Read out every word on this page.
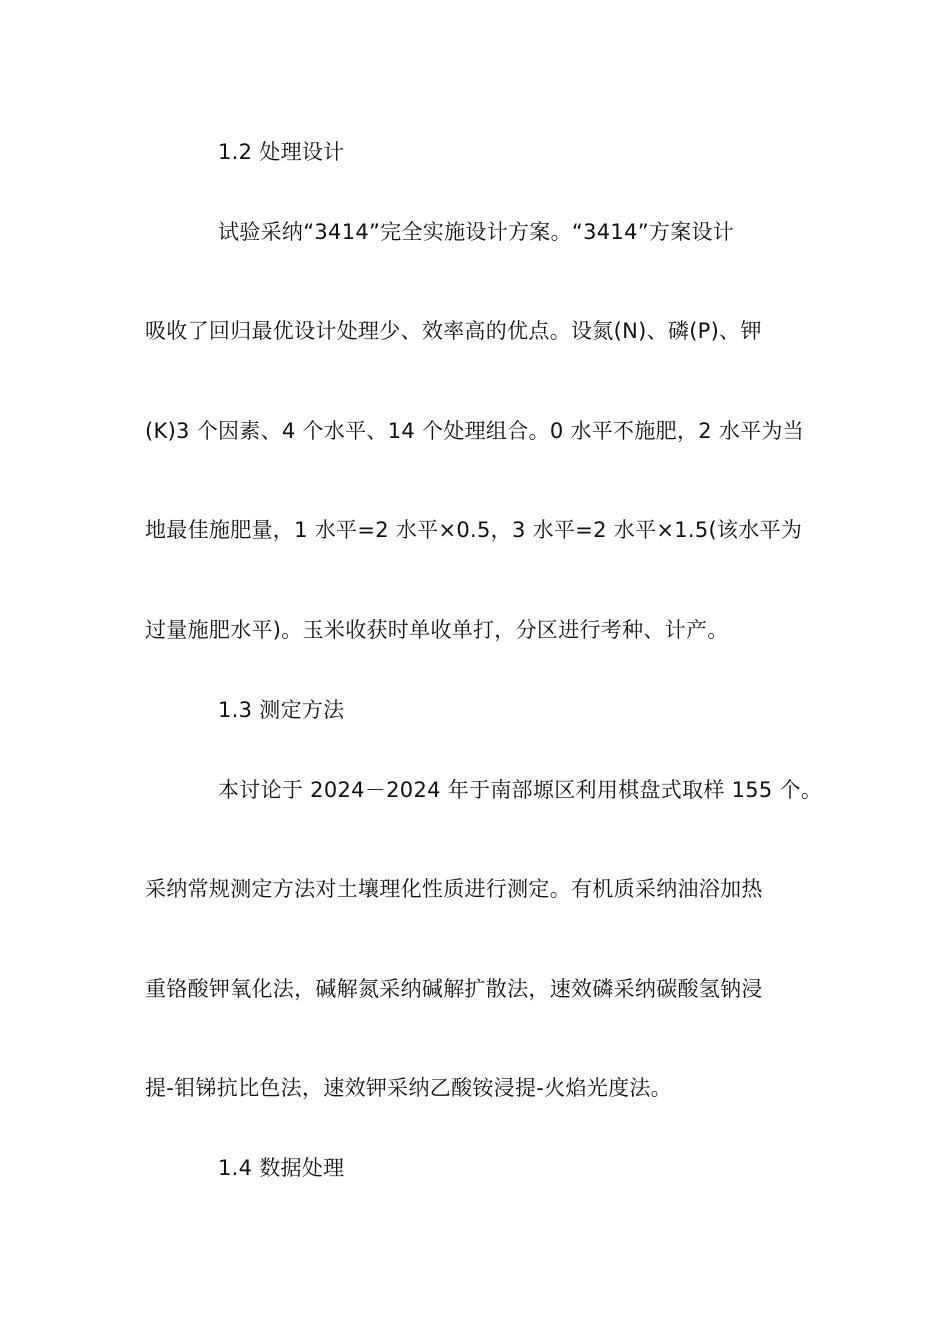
1.2 处理设计
试验采纳“3414”完全实施设计方案。“3414”方案设计
吸收了回归最优设计处理少、效率高的优点。设氮(N)、磷(P)、钾
(K)3 个因素、4 个水平、14 个处理组合。0 水平不施肥，2 水平为当
地最佳施肥量，1 水平=2 水平×0.5，3 水平=2 水平×1.5(该水平为
过量施肥水平)。玉米收获时单收单打，分区进行考种、计产。
1.3 测定方法
本讨论于 2024－2024 年于南部塬区利用棋盘式取样 155 个。
采纳常规测定方法对土壤理化性质进行测定。有机质采纳油浴加热
重铬酸钾氧化法，碱解氮采纳碱解扩散法，速效磷采纳碳酸氢钠浸
提-钼锑抗比色法，速效钾采纳乙酸铵浸提-火焰光度法。
1.4 数据处理
